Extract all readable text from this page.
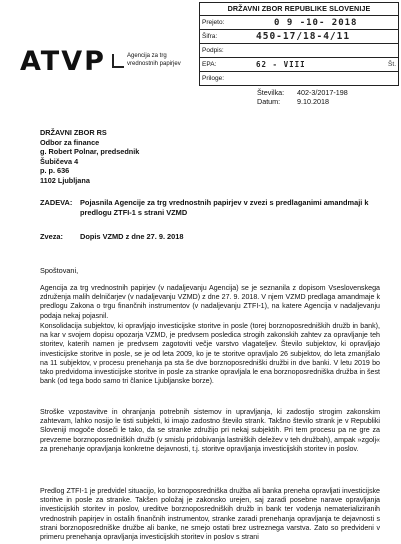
DRŽAVNI ZBOR REPUBLIKE SLOVENIJE
Prejeto:	0 9 -10- 2018
Šifra:	450-17/18-4/11
Podpis:
EPA:	62 - VIII	Št.
Priloge:
ATVP	Agencija za trg
vrednostnih papirjev
Številka:	402-3/2017-198
Datum:	9.10.2018
DRŽAVNI ZBOR RS
Odbor za finance
g. Robert Polnar, predsednik
Šubičeva 4
p. p. 636
1102 Ljubljana
ZADEVA:	Pojasnila Agencije za trg vrednostnih papirjev v zvezi s predlaganimi amandmaji k predlogu ZTFI-1 s strani VZMD
Zveza:	Dopis VZMD z dne 27. 9. 2018
Spoštovani,
Agencija za trg vrednostnih papirjev (v nadaljevanju Agencija) se je seznanila z dopisom Vseslovenskega združenja malih delničarjev (v nadaljevanju VZMD) z dne 27. 9. 2018. V njem VZMD predlaga amandmaje k predlogu Zakona o trgu finančnih instrumentov (v nadaljevanju ZTFI-1), na katere Agencija v nadaljevanju podaja nekaj pojasnil.
Konsolidacija subjektov, ki opravljajo investicijske storitve in posle (torej borznoposredniških družb in bank), na kar v svojem dopisu opozarja VZMD, je predvsem posledica strogih zakonskih zahtev za opravljanje teh storitev, katerih namen je predvsem zagotoviti večje varstvo vlagateljev. Število subjektov, ki opravljajo investicijske storitve in posle, se je od leta 2009, ko je te storitve opravljalo 26 subjektov, do leta zmanjšalo na 11 subjektov, v procesu prenehanja pa sta še dve borznoposredniški družbi in dve banki. V letu 2019 bo tako predvidoma investicijske storitve in posle za stranke opravljala le ena borznoposredniška družba in šest bank (od tega bodo samo tri članice Ljubljanske borze).
Stroške vzpostavitve in ohranjanja potrebnih sistemov in upravljanja, ki zadostijo strogim zakonskim zahtevam, lahko nosijo le tisti subjekti, ki imajo zadostno število strank. Takšno število strank je v Republiki Sloveniji mogoče doseči le tako, da se stranke združijo pri nekaj subjektih. Pri tem procesu pa ne gre za prevzeme borznoposredniških družb (v smislu pridobivanja lastniških deležev v teh družbah), ampak »zgolj« za prenehanje opravljanja konkretne dejavnosti, t.j. storitve opravljanja investicijskih storitev in poslov.
Predlog ZTFI-1 je predvidel situacijo, ko borznoposredniška družba ali banka preneha opravljati investicijske storitve in posle za stranke. Takšen položaj je zakonsko urejen, saj zaradi posebne narave opravljanja investicijskih storitev in poslov, ureditve borznoposredniških družb in bank ter vodenja nematerializiranih vrednostnih papirjev in ostalih finančnih instrumentov, stranke zaradi prenehanja opravljanja te dejavnosti s strani borznoposredniške družbe ali banke, ne smejo ostati brez ustreznega varstva. Zato so predvideni v primeru prenehanja opravljanja investicijskih storitev in poslov s strani
